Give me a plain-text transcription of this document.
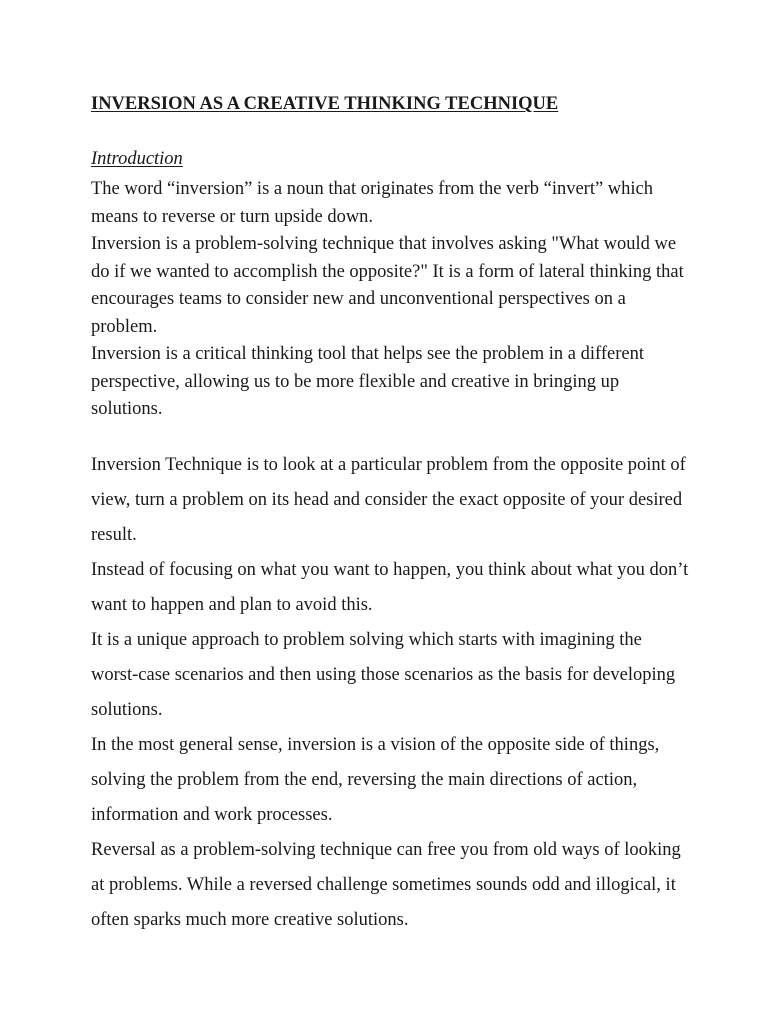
INVERSION AS A CREATIVE THINKING TECHNIQUE
Introduction

The word “inversion” is a noun that originates from the verb “invert” which means to reverse or turn upside down.

Inversion is a problem-solving technique that involves asking "What would we do if we wanted to accomplish the opposite?" It is a form of lateral thinking that encourages teams to consider new and unconventional perspectives on a problem.

Inversion is a critical thinking tool that helps see the problem in a different perspective, allowing us to be more flexible and creative in bringing up solutions.

Inversion Technique is to look at a particular problem from the opposite point of view, turn a problem on its head and consider the exact opposite of your desired result.

Instead of focusing on what you want to happen, you think about what you don’t want to happen and plan to avoid this.

It is a unique approach to problem solving which starts with imagining the worst-case scenarios and then using those scenarios as the basis for developing solutions.

In the most general sense, inversion is a vision of the opposite side of things, solving the problem from the end, reversing the main directions of action,  information and work processes.

Reversal as a problem-solving technique can free you from old ways of looking at problems. While a reversed challenge sometimes sounds odd and illogical, it often sparks much more creative solutions.
